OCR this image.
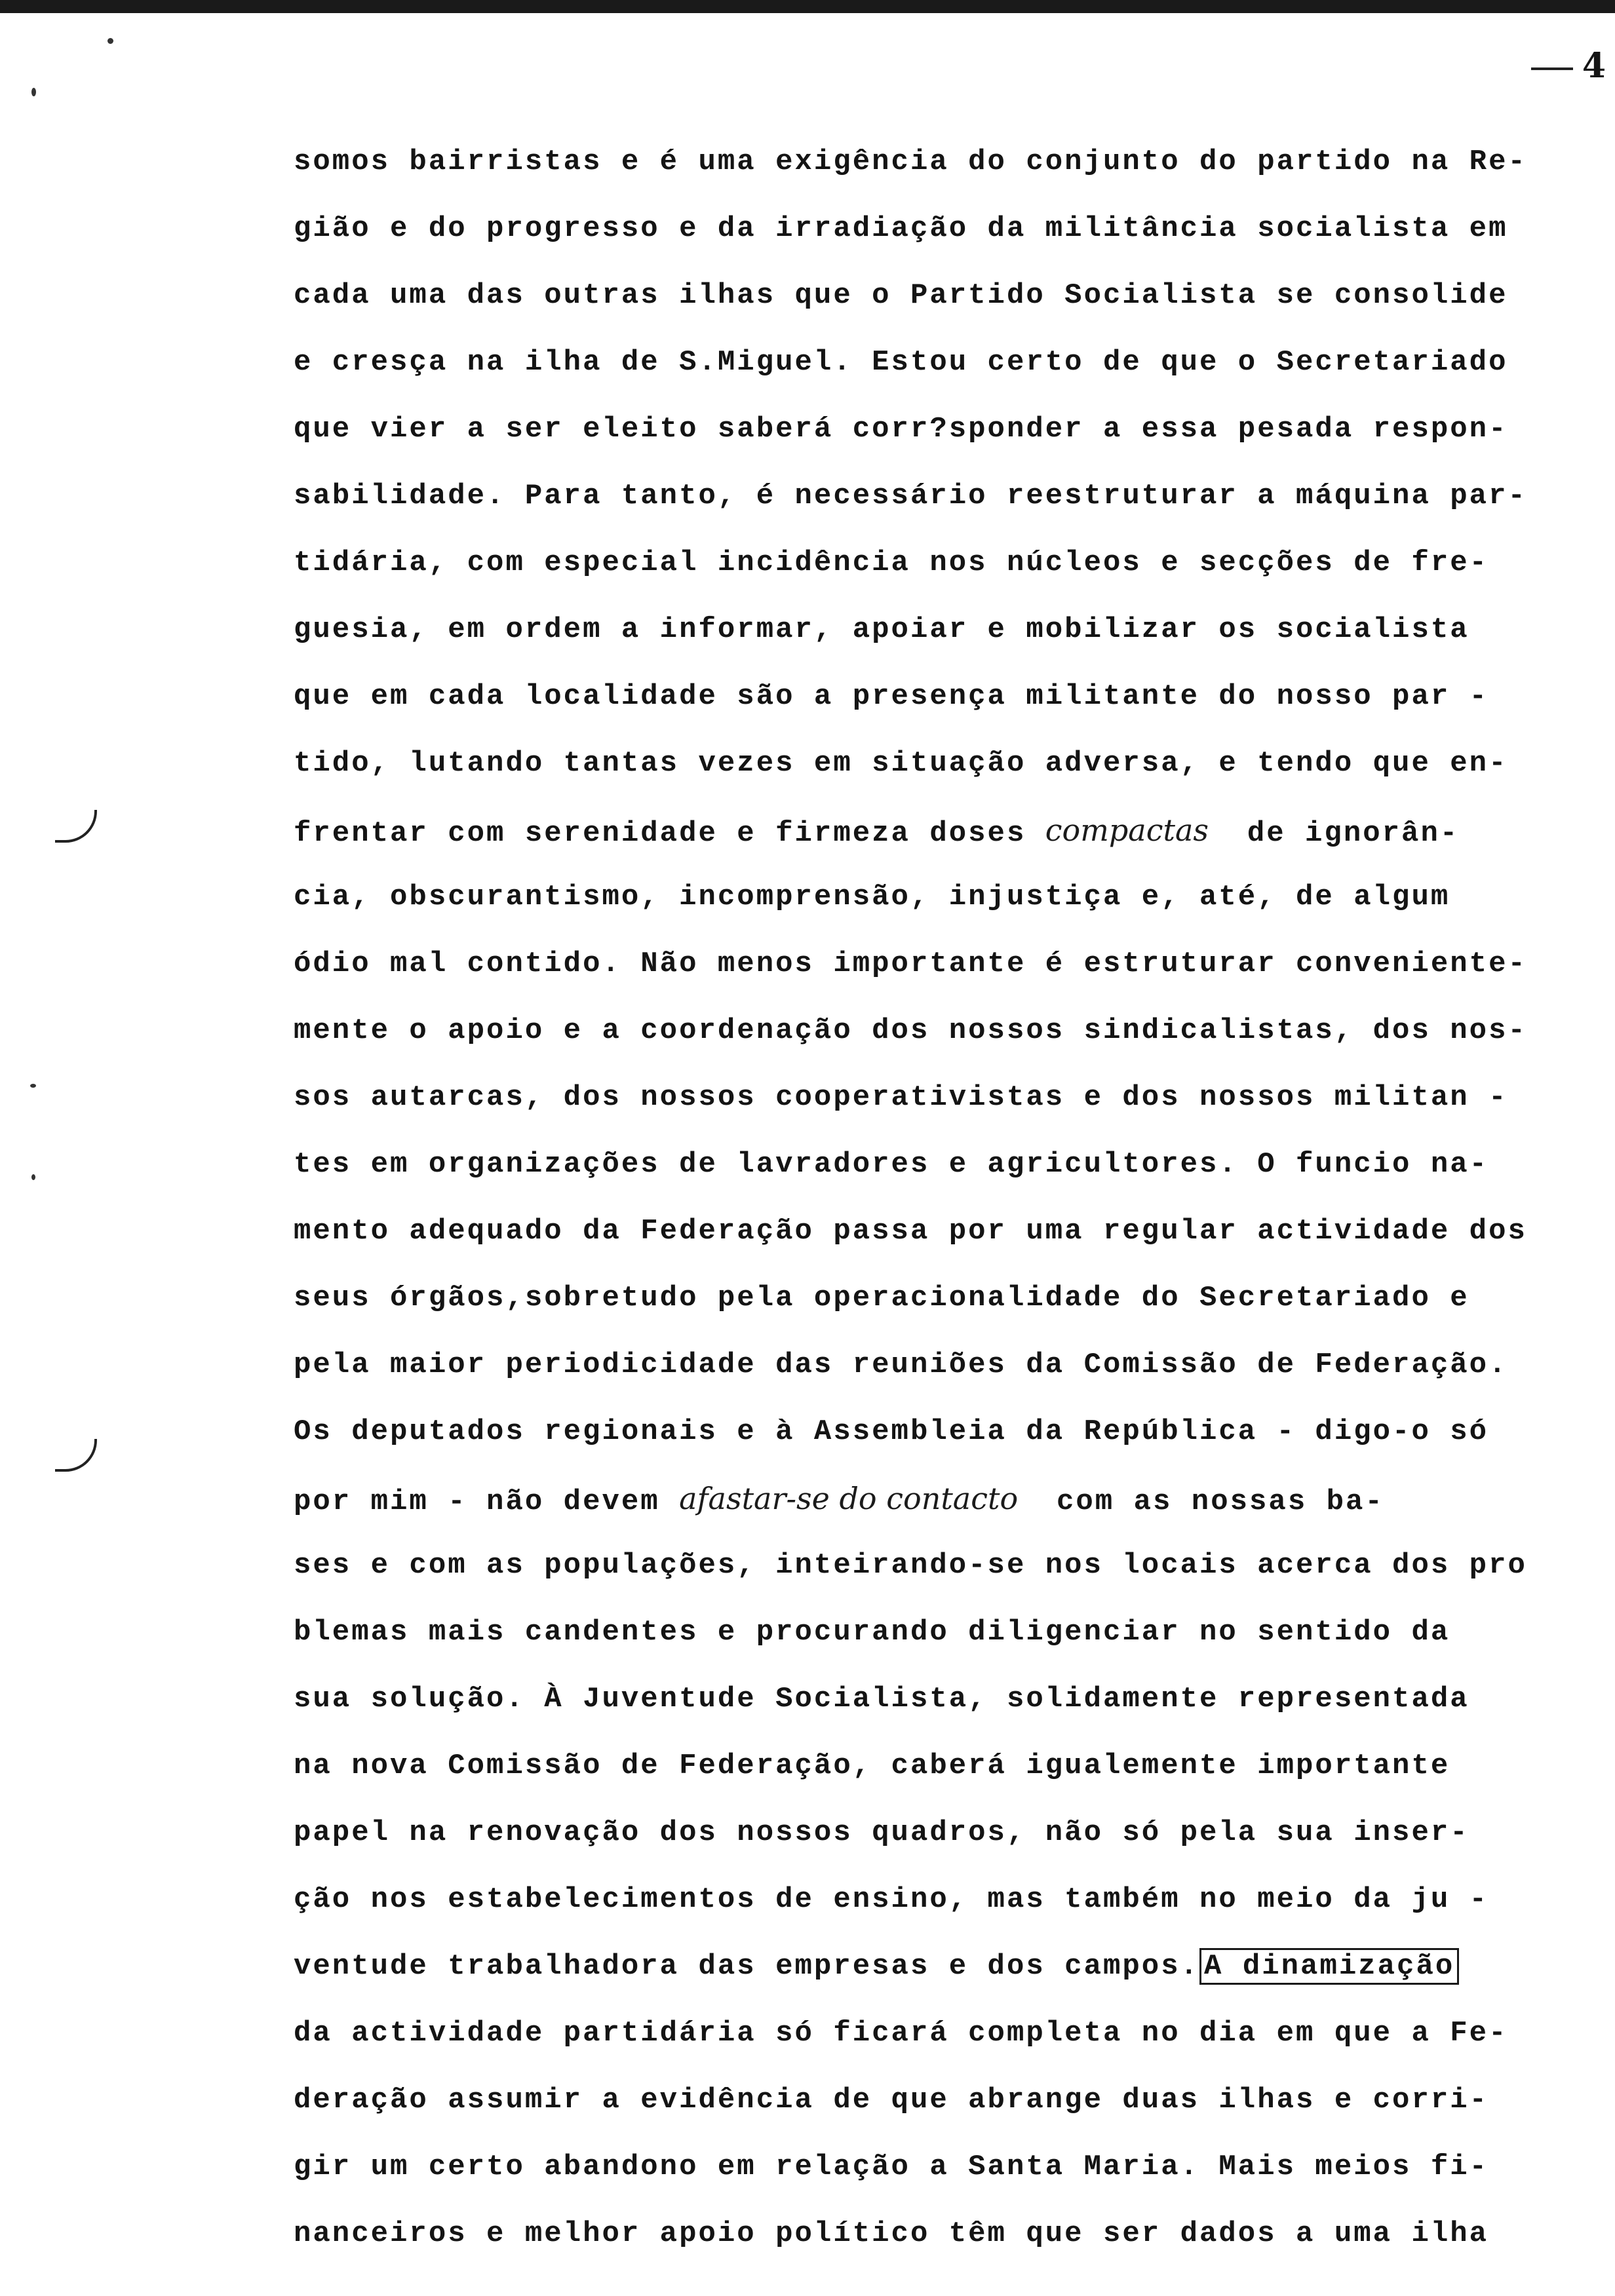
4
somos bairristas e é uma exigência do conjunto do partido na Re-
gião e do progresso e da irradiação da militância socialista em
cada uma das outras ilhas que o Partido Socialista se consolide
e cresça na ilha de S.Miguel. Estou certo de que o Secretariado
que vier a ser eleito saberá corr?sponder a essa pesada respon-
sabilidade. Para tanto, é necessário reestruturar a máquina par-
tidária, com especial incidência nos núcleos e secções de fre-
guesia, em ordem a informar, apoiar e mobilizar os socialista
que em cada localidade são a presença militante do nosso par -
tido, lutando tantas vezes em situação adversa, e tendo que en-
frentar com serenidade e firmeza doses compactas  de ignorân-
cia, obscurantismo, incomprensão, injustiça e, até, de algum
ódio mal contido. Não menos importante é estruturar convenientе-
mente o apoio e a coordenação dos nossos sindicalistas, dos nos-
sos autarcas, dos nossos cooperativistas e dos nossos militan -
tes em organizações de lavradores e agricultores. O funcio na-
mento adequado da Federação passa por uma regular actividade dos
seus órgãos,sobretudo pela operacionalidade do Secretariado e
pela maior periodicidade das reuniões da Comissão de Federação.
Os deputados regionais e à Assembleia da República - digo-o só
por mim - não devem afastar-se do contacto  com as nossas ba-
ses e com as populações, inteirando-se nos locais acerca dos pro
blemas mais candentes e procurando diligenciar no sentido da
sua solução. À Juventude Socialista, solidamente representada
na nova Comissão de Federação, caberá igualemente importante
papel na renovação dos nossos quadros, não só pela sua inser-
ção nos estabelecimentos de ensino, mas também no meio da ju -
ventude trabalhadora das empresas e dos campos. A dinamização
da actividade partidária só ficará completa no dia em que a Fe-
deração assumir a evidência de que abrange duas ilhas e corri-
gir um certo abandono em relação a Santa Maria. Mais meios fi-
nanceiros e melhor apoio político têm que ser dados a uma ilha
